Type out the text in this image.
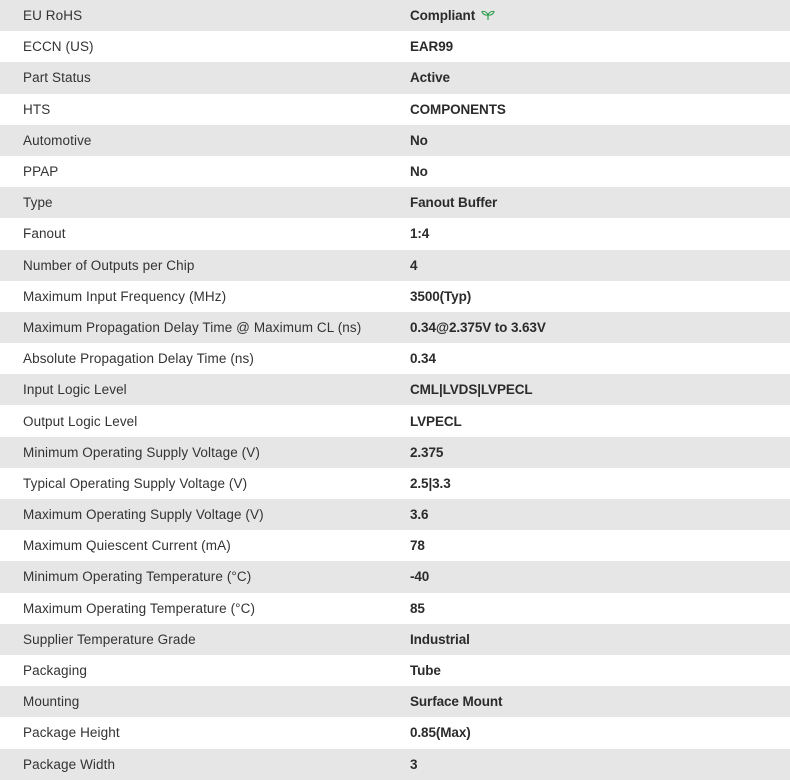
EU RoHS	Compliant
ECCN (US)	EAR99
Part Status	Active
HTS	COMPONENTS
Automotive	No
PPAP	No
Type	Fanout Buffer
Fanout	1:4
Number of Outputs per Chip	4
Maximum Input Frequency (MHz)	3500(Typ)
Maximum Propagation Delay Time @ Maximum CL (ns)	0.34@2.375V to 3.63V
Absolute Propagation Delay Time (ns)	0.34
Input Logic Level	CML|LVDS|LVPECL
Output Logic Level	LVPECL
Minimum Operating Supply Voltage (V)	2.375
Typical Operating Supply Voltage (V)	2.5|3.3
Maximum Operating Supply Voltage (V)	3.6
Maximum Quiescent Current (mA)	78
Minimum Operating Temperature (°C)	-40
Maximum Operating Temperature (°C)	85
Supplier Temperature Grade	Industrial
Packaging	Tube
Mounting	Surface Mount
Package Height	0.85(Max)
Package Width	3
